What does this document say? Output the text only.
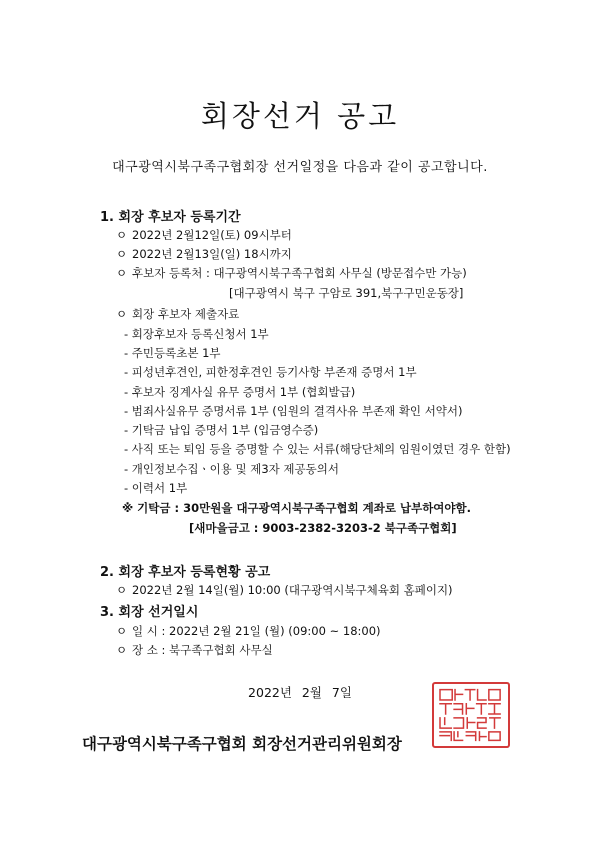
회장선거 공고
대구광역시북구족구협회장 선거일정을 다음과 같이 공고합니다.
1. 회장 후보자 등록기간
ㅇ 2022년 2월12일(토) 09시부터
ㅇ 2022년 2월13일(일) 18시까지
ㅇ 후보자 등록처 : 대구광역시북구족구협회 사무실 (방문접수만 가능)
[대구광역시 북구 구암로 391,북구구민운동장]
ㅇ 회장 후보자 제출자료
- 회장후보자 등록신청서 1부
- 주민등록초본 1부
- 피성년후견인, 피한정후견인 등기사항 부존재 증명서 1부
- 후보자 징계사실 유무 증명서 1부 (협회발급)
- 범죄사실유무 증명서류 1부 (임원의 결격사유 부존재 확인 서약서)
- 기탁금 납입 증명서 1부 (입금영수증)
- 사직 또는 퇴임 등을 증명할 수 있는 서류(해당단체의 임원이였던 경우 한함)
- 개인정보수집ㆍ이용 및 제3자 제공동의서
- 이력서 1부
※ 기탁금 : 30만원을 대구광역시북구족구협회 계좌로 납부하여야함.
[새마을금고 : 9003-2382-3203-2 북구족구협회]
2. 회장 후보자 등록현황 공고
ㅇ 2022년 2월 14일(월) 10:00 (대구광역시북구체육회 홈페이지)
3. 회장 선거일시
ㅇ 일 시 : 2022년 2월 21일 (월) (09:00 ~ 18:00)
ㅇ 장 소 : 북구족구협회 사무실
2022년 2월 7일
대구광역시북구족구협회 회장선거관리위원회장
